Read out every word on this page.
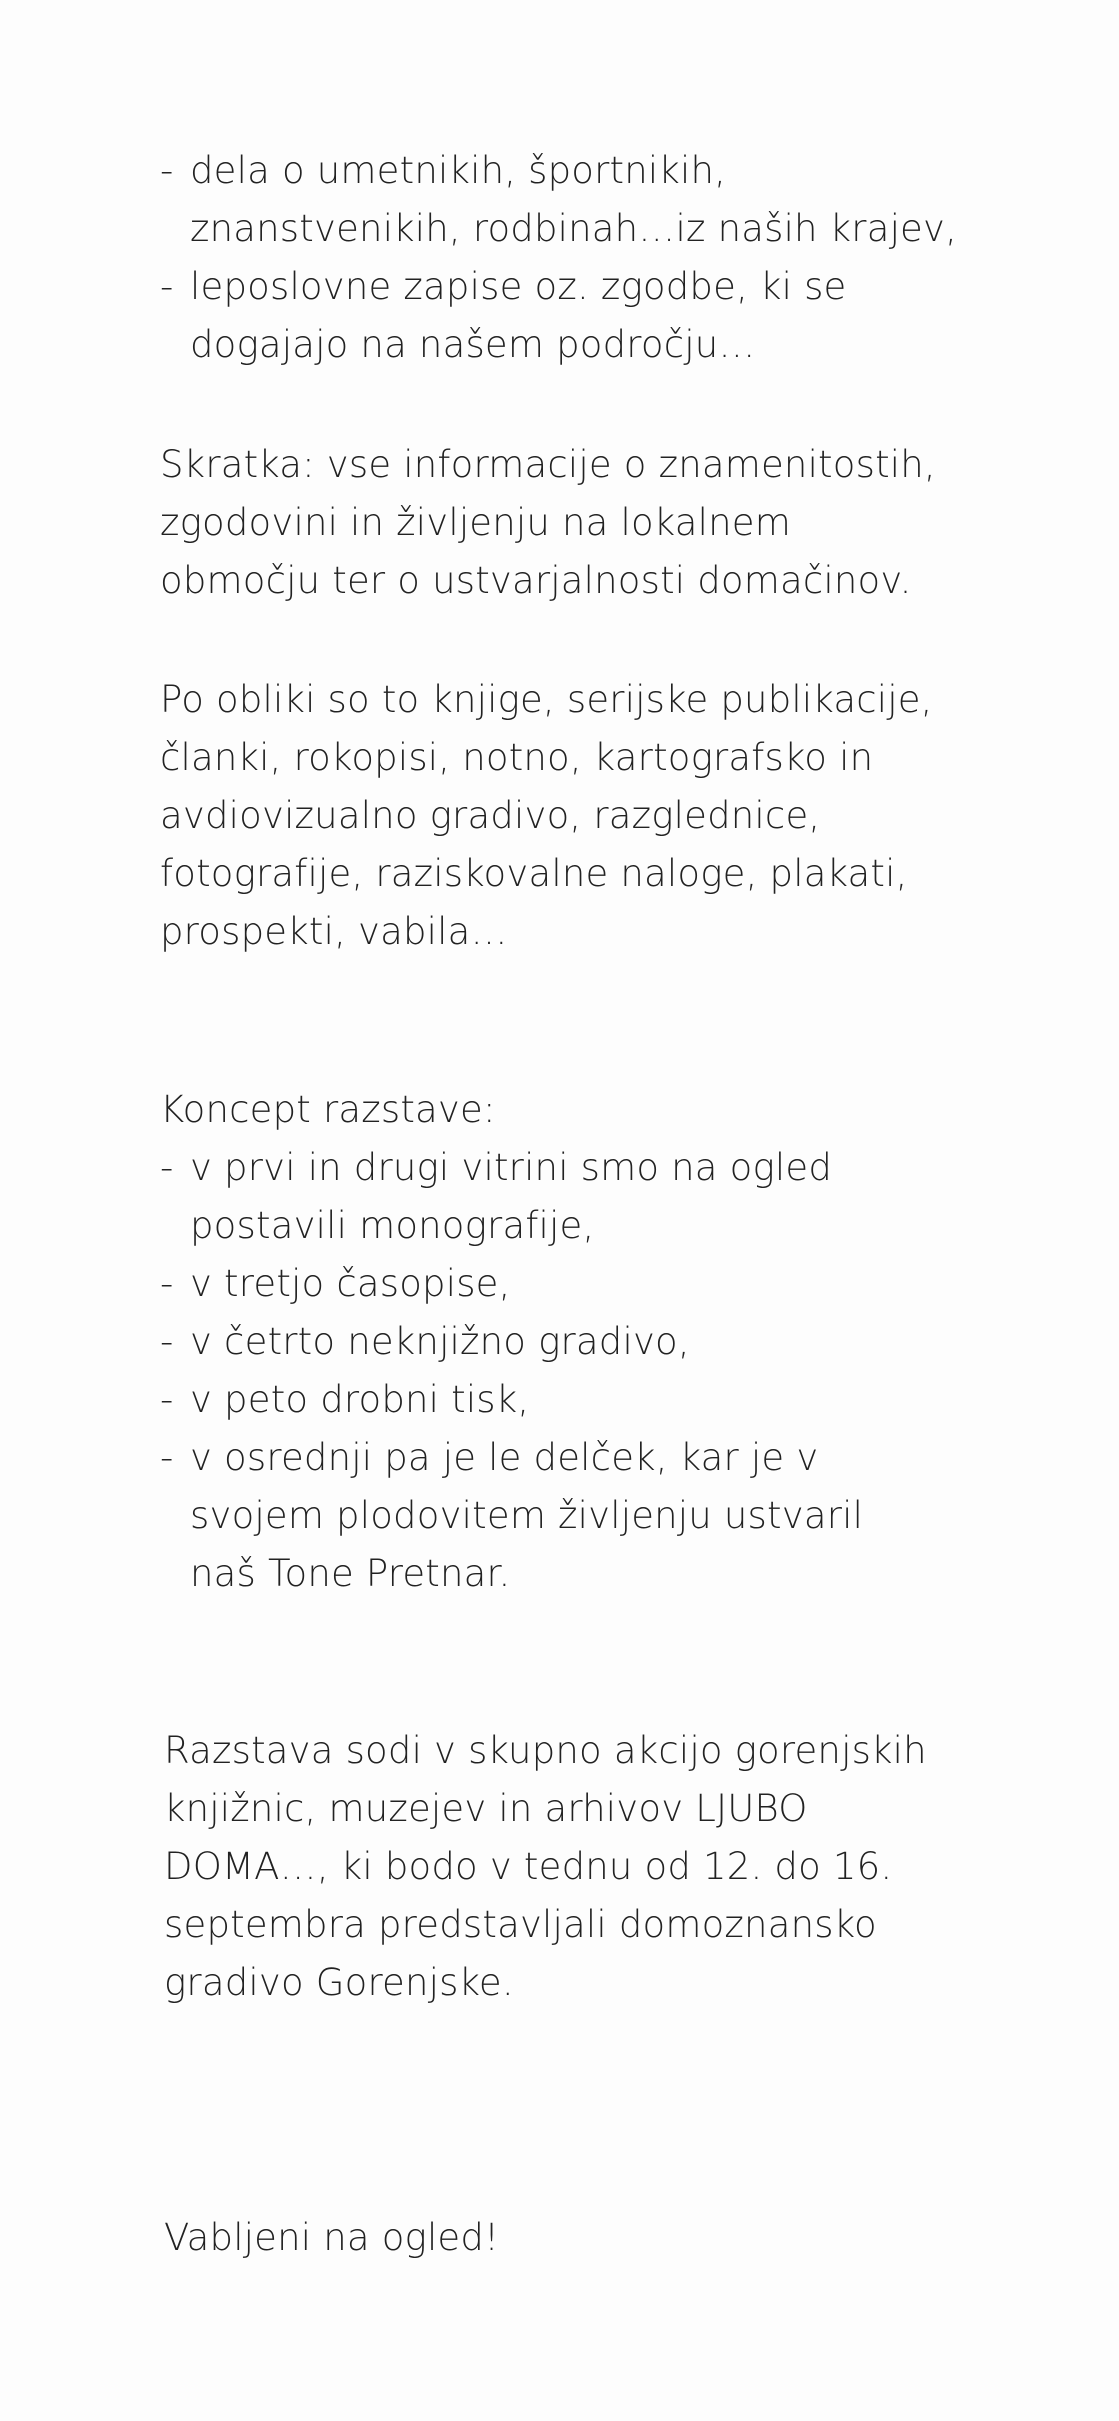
- dela o umetnikih, športnikih,
znanstvenikih, rodbinah…iz naših krajev,
- leposlovne zapise oz. zgodbe, ki se
dogajajo na našem področju…

Skratka: vse informacije o znamenitostih,

zgodovini in življenju na lokalnem

območju ter o ustvarjalnosti domačinov.

Po obliki so to knjige, serijske publikacije,

članki, rokopisi, notno, kartografsko in

avdiovizualno gradivo, razglednice,

fotografije, raziskovalne naloge, plakati,

prospekti, vabila…

Koncept razstave:

- v prvi in drugi vitrini smo na ogled
postavili monografije,
- v tretjo časopise,
- v četrto neknjižno gradivo,
- v peto drobni tisk,
- v osrednji pa je le delček, kar je v
svojem plodovitem življenju ustvaril
naš Tone Pretnar.

Razstava sodi v skupno akcijo gorenjskih

knjižnic, muzejev in arhivov LJUBO

DOMA…, ki bodo v tednu od 12. do 16.

septembra predstavljali domoznansko

gradivo Gorenjske.

Vabljeni na ogled!
